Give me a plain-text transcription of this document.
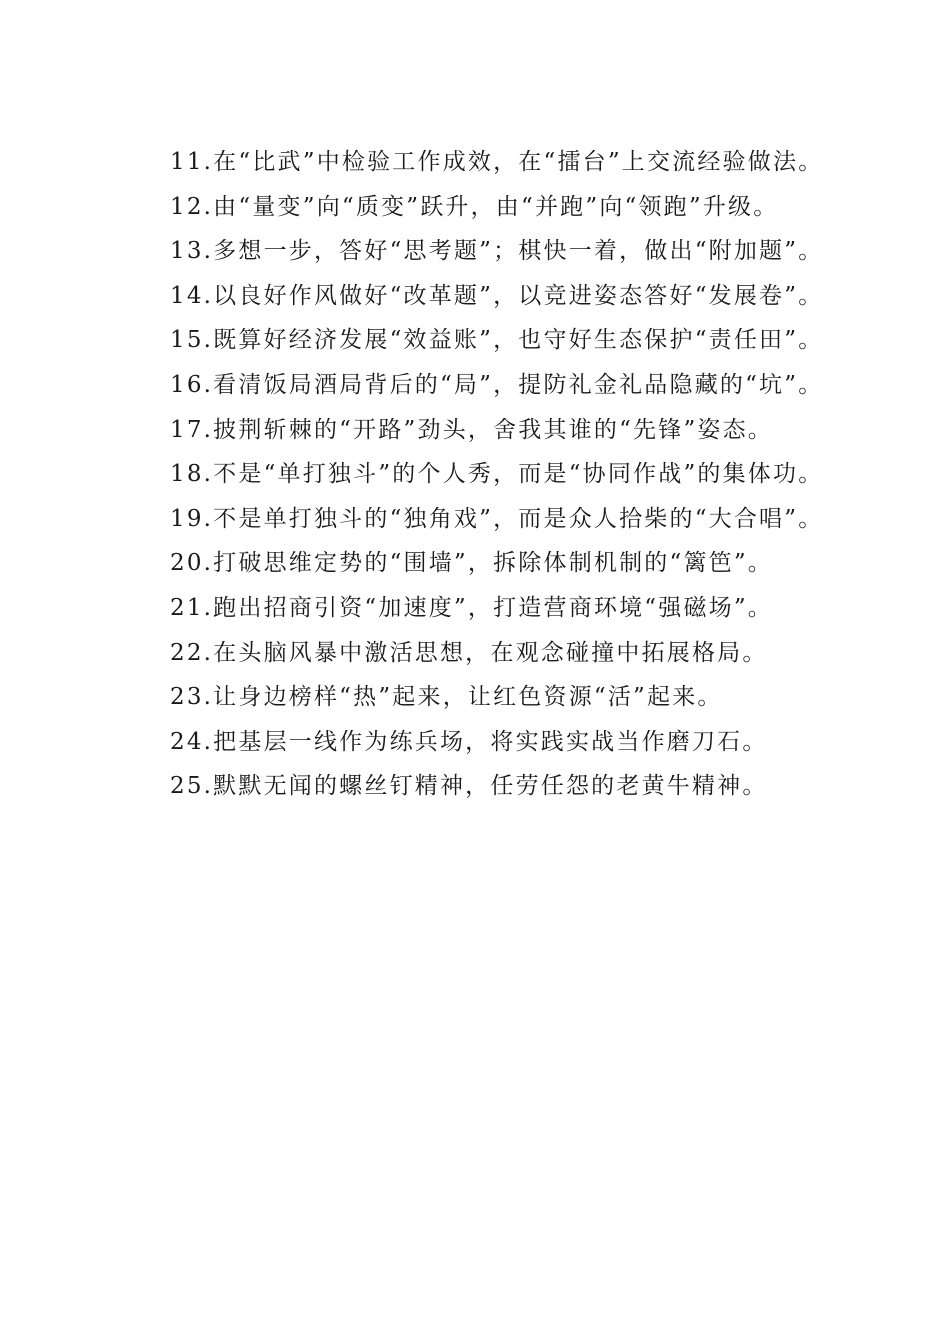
11.在“比武”中检验工作成效，在“擂台”上交流经验做法。

12.由“量变”向“质变”跃升，由“并跑”向“领跑”升级。

13.多想一步，答好“思考题”；棋快一着，做出“附加题”。

14.以良好作风做好“改革题”，以竞进姿态答好“发展卷”。

15.既算好经济发展“效益账”，也守好生态保护“责任田”。

16.看清饭局酒局背后的“局”，提防礼金礼品隐藏的“坑”。

17.披荆斩棘的“开路”劲头，舍我其谁的“先锋”姿态。

18.不是“单打独斗”的个人秀，而是“协同作战”的集体功。

19.不是单打独斗的“独角戏”，而是众人拾柴的“大合唱”。

20.打破思维定势的“围墙”，拆除体制机制的“篱笆”。

21.跑出招商引资“加速度”，打造营商环境“强磁场”。

22.在头脑风暴中激活思想，在观念碰撞中拓展格局。

23.让身边榜样“热”起来，让红色资源“活”起来。

24.把基层一线作为练兵场，将实践实战当作磨刀石。

25.默默无闻的螺丝钉精神，任劳任怨的老黄牛精神。
